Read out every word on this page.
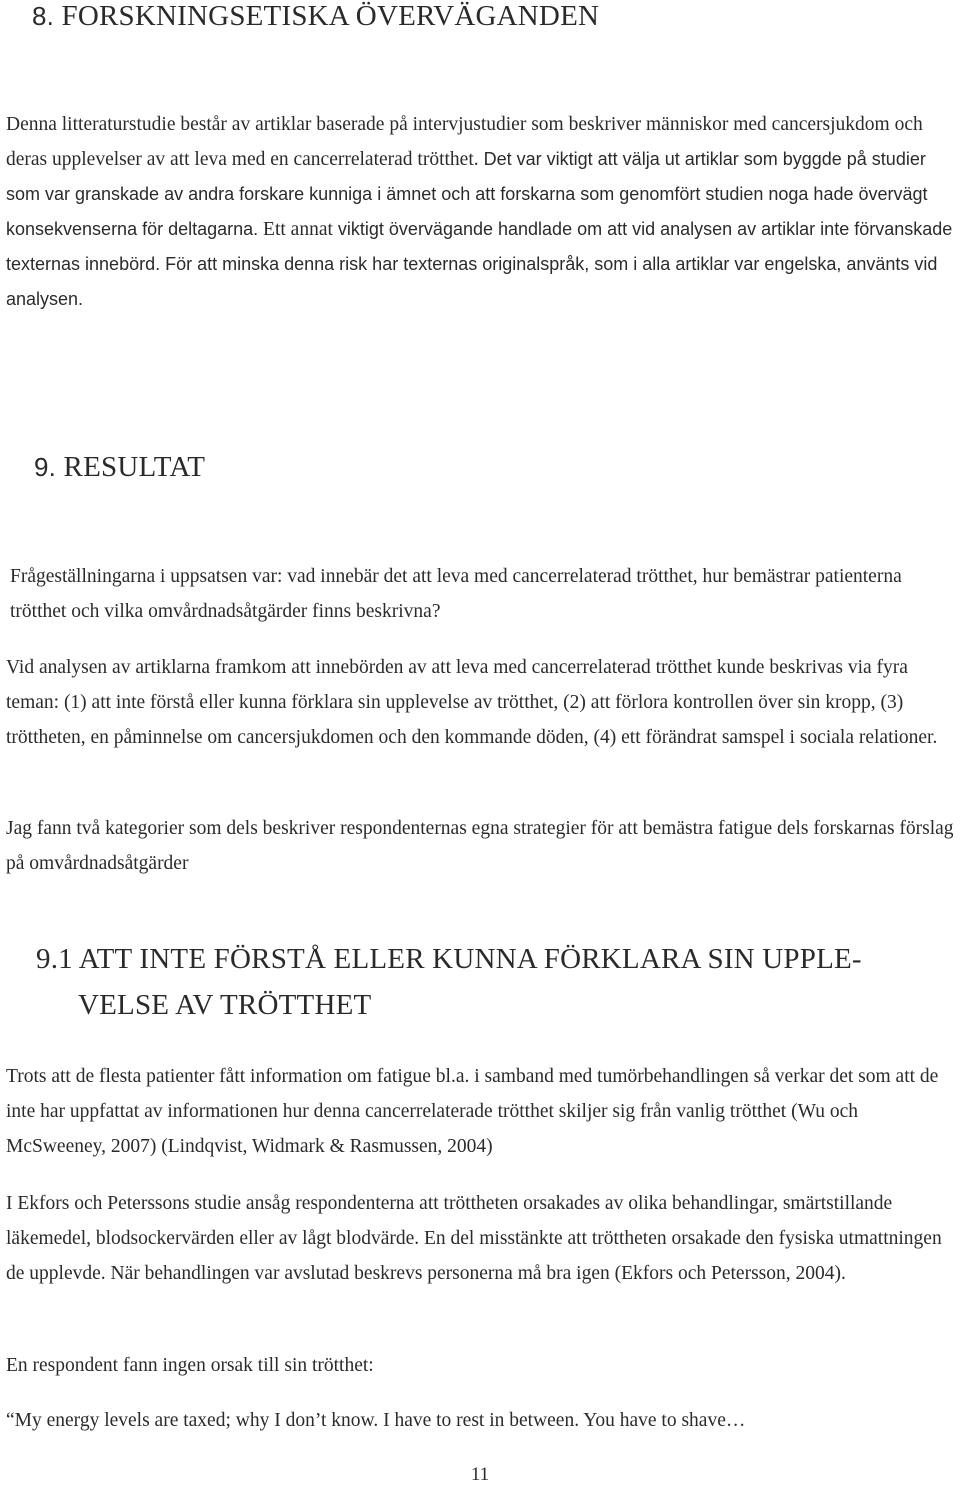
8. FORSKNINGSETISKA ÖVERVÄGANDEN

Denna litteraturstudie består av artiklar baserade på intervjustudier som beskriver människor med cancersjukdom och deras upplevelser av att leva med en cancerrelaterad trötthet. Det var viktigt att välja ut artiklar som byggde på studier som var granskade av andra forskare kunniga i ämnet och att forskarna som genomfört studien noga hade övervägt konsekvenserna för deltagarna. Ett annat viktigt övervägande handlade om att vid analysen av artiklar inte förvanskade texternas innebörd. För att minska denna risk har texternas originalspråk, som i alla artiklar var engelska, använts vid analysen.

9. RESULTAT

Frågeställningarna i uppsatsen var: vad innebär det att leva med cancerrelaterad trötthet, hur bemästrar patienterna trötthet och vilka omvårdnadsåtgärder finns beskrivna?

Vid analysen av artiklarna framkom att innebörden av att leva med cancerrelaterad trötthet kunde beskrivas via fyra teman: (1) att inte förstå eller kunna förklara sin upplevelse av trötthet, (2) att förlora kontrollen över sin kropp, (3) tröttheten, en påminnelse om cancersjukdomen och den kommande döden, (4) ett förändrat samspel i sociala relationer.

Jag fann två kategorier som dels beskriver respondenternas egna strategier för att bemästra fatigue dels forskarnas förslag på omvårdnadsåtgärder

9.1 ATT INTE FÖRSTÅ ELLER KUNNA FÖRKLARA SIN UPPLE-
VELSE AV TRÖTTHET

Trots att de flesta patienter fått information om fatigue bl.a. i samband med tumörbehandlingen så verkar det som att de inte har uppfattat av informationen hur denna cancerrelaterade trötthet skiljer sig från vanlig trötthet (Wu och McSweeney, 2007) (Lindqvist, Widmark & Rasmussen, 2004)

I Ekfors och Peterssons studie ansåg respondenterna att tröttheten orsakades av olika behandlingar, smärtstillande läkemedel, blodsockervärden eller av lågt blodvärde. En del misstänkte att tröttheten orsakade den fysiska utmattningen de upplevde. När behandlingen var avslutad beskrevs personerna må bra igen (Ekfors och Petersson, 2004).

En respondent fann ingen orsak till sin trötthet:

“My energy levels are taxed; why I don’t know. I have to rest in between. You have to shave…

11
